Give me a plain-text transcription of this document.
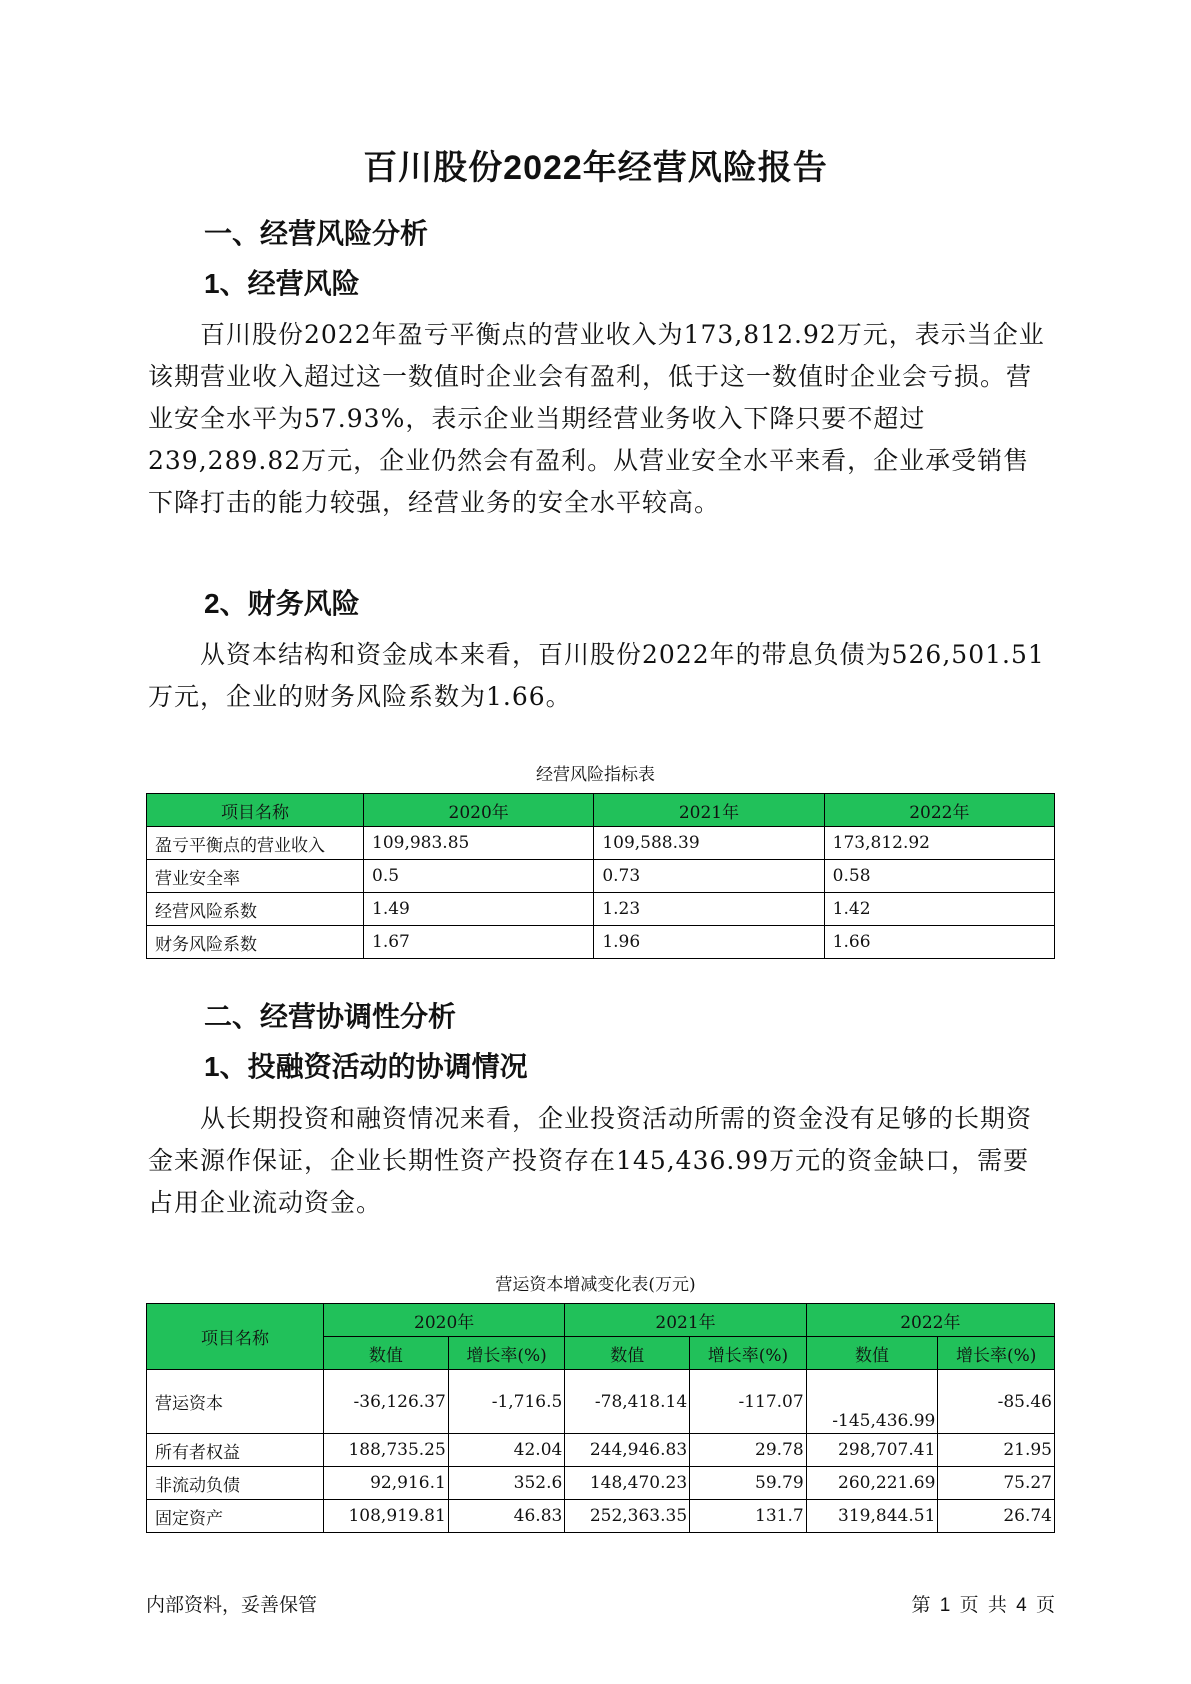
百川股份2022年经营风险报告
一、经营风险分析
1、经营风险

百川股份2022年盈亏平衡点的营业收入为173,812.92万元，表示当企业该期营业收入超过这一数值时企业会有盈利，低于这一数值时企业会亏损。营业安全水平为57.93%，表示企业当期经营业务收入下降只要不超过239,289.82万元，企业仍然会有盈利。从营业安全水平来看，企业承受销售下降打击的能力较强，经营业务的安全水平较高。

2、财务风险

从资本结构和资金成本来看，百川股份2022年的带息负债为526,501.51万元，企业的财务风险系数为1.66。

经营风险指标表
项目名称	2020年	2021年	2022年
盈亏平衡点的营业收入	109,983.85	109,588.39	173,812.92
营业安全率	0.5	0.73	0.58
经营风险系数	1.49	1.23	1.42
财务风险系数	1.67	1.96	1.66
二、经营协调性分析
1、投融资活动的协调情况

从长期投资和融资情况来看，企业投资活动所需的资金没有足够的长期资金来源作保证，企业长期性资产投资存在145,436.99万元的资金缺口，需要占用企业流动资金。

营运资本增减变化表(万元)
项目名称	2020年		2021年		2022年	
	数值	增长率(%)	数值	增长率(%)	数值	增长率(%)
营运资本	-36,126.37	-1,716.5	-78,418.14	-117.07	-145,436.99	-85.46
所有者权益	188,735.25	42.04	244,946.83	29.78	298,707.41	21.95
非流动负债	92,916.1	352.6	148,470.23	59.79	260,221.69	75.27
固定资产	108,919.81	46.83	252,363.35	131.7	319,844.51	26.74
内部资料，妥善保管	第 1 页 共 4 页
